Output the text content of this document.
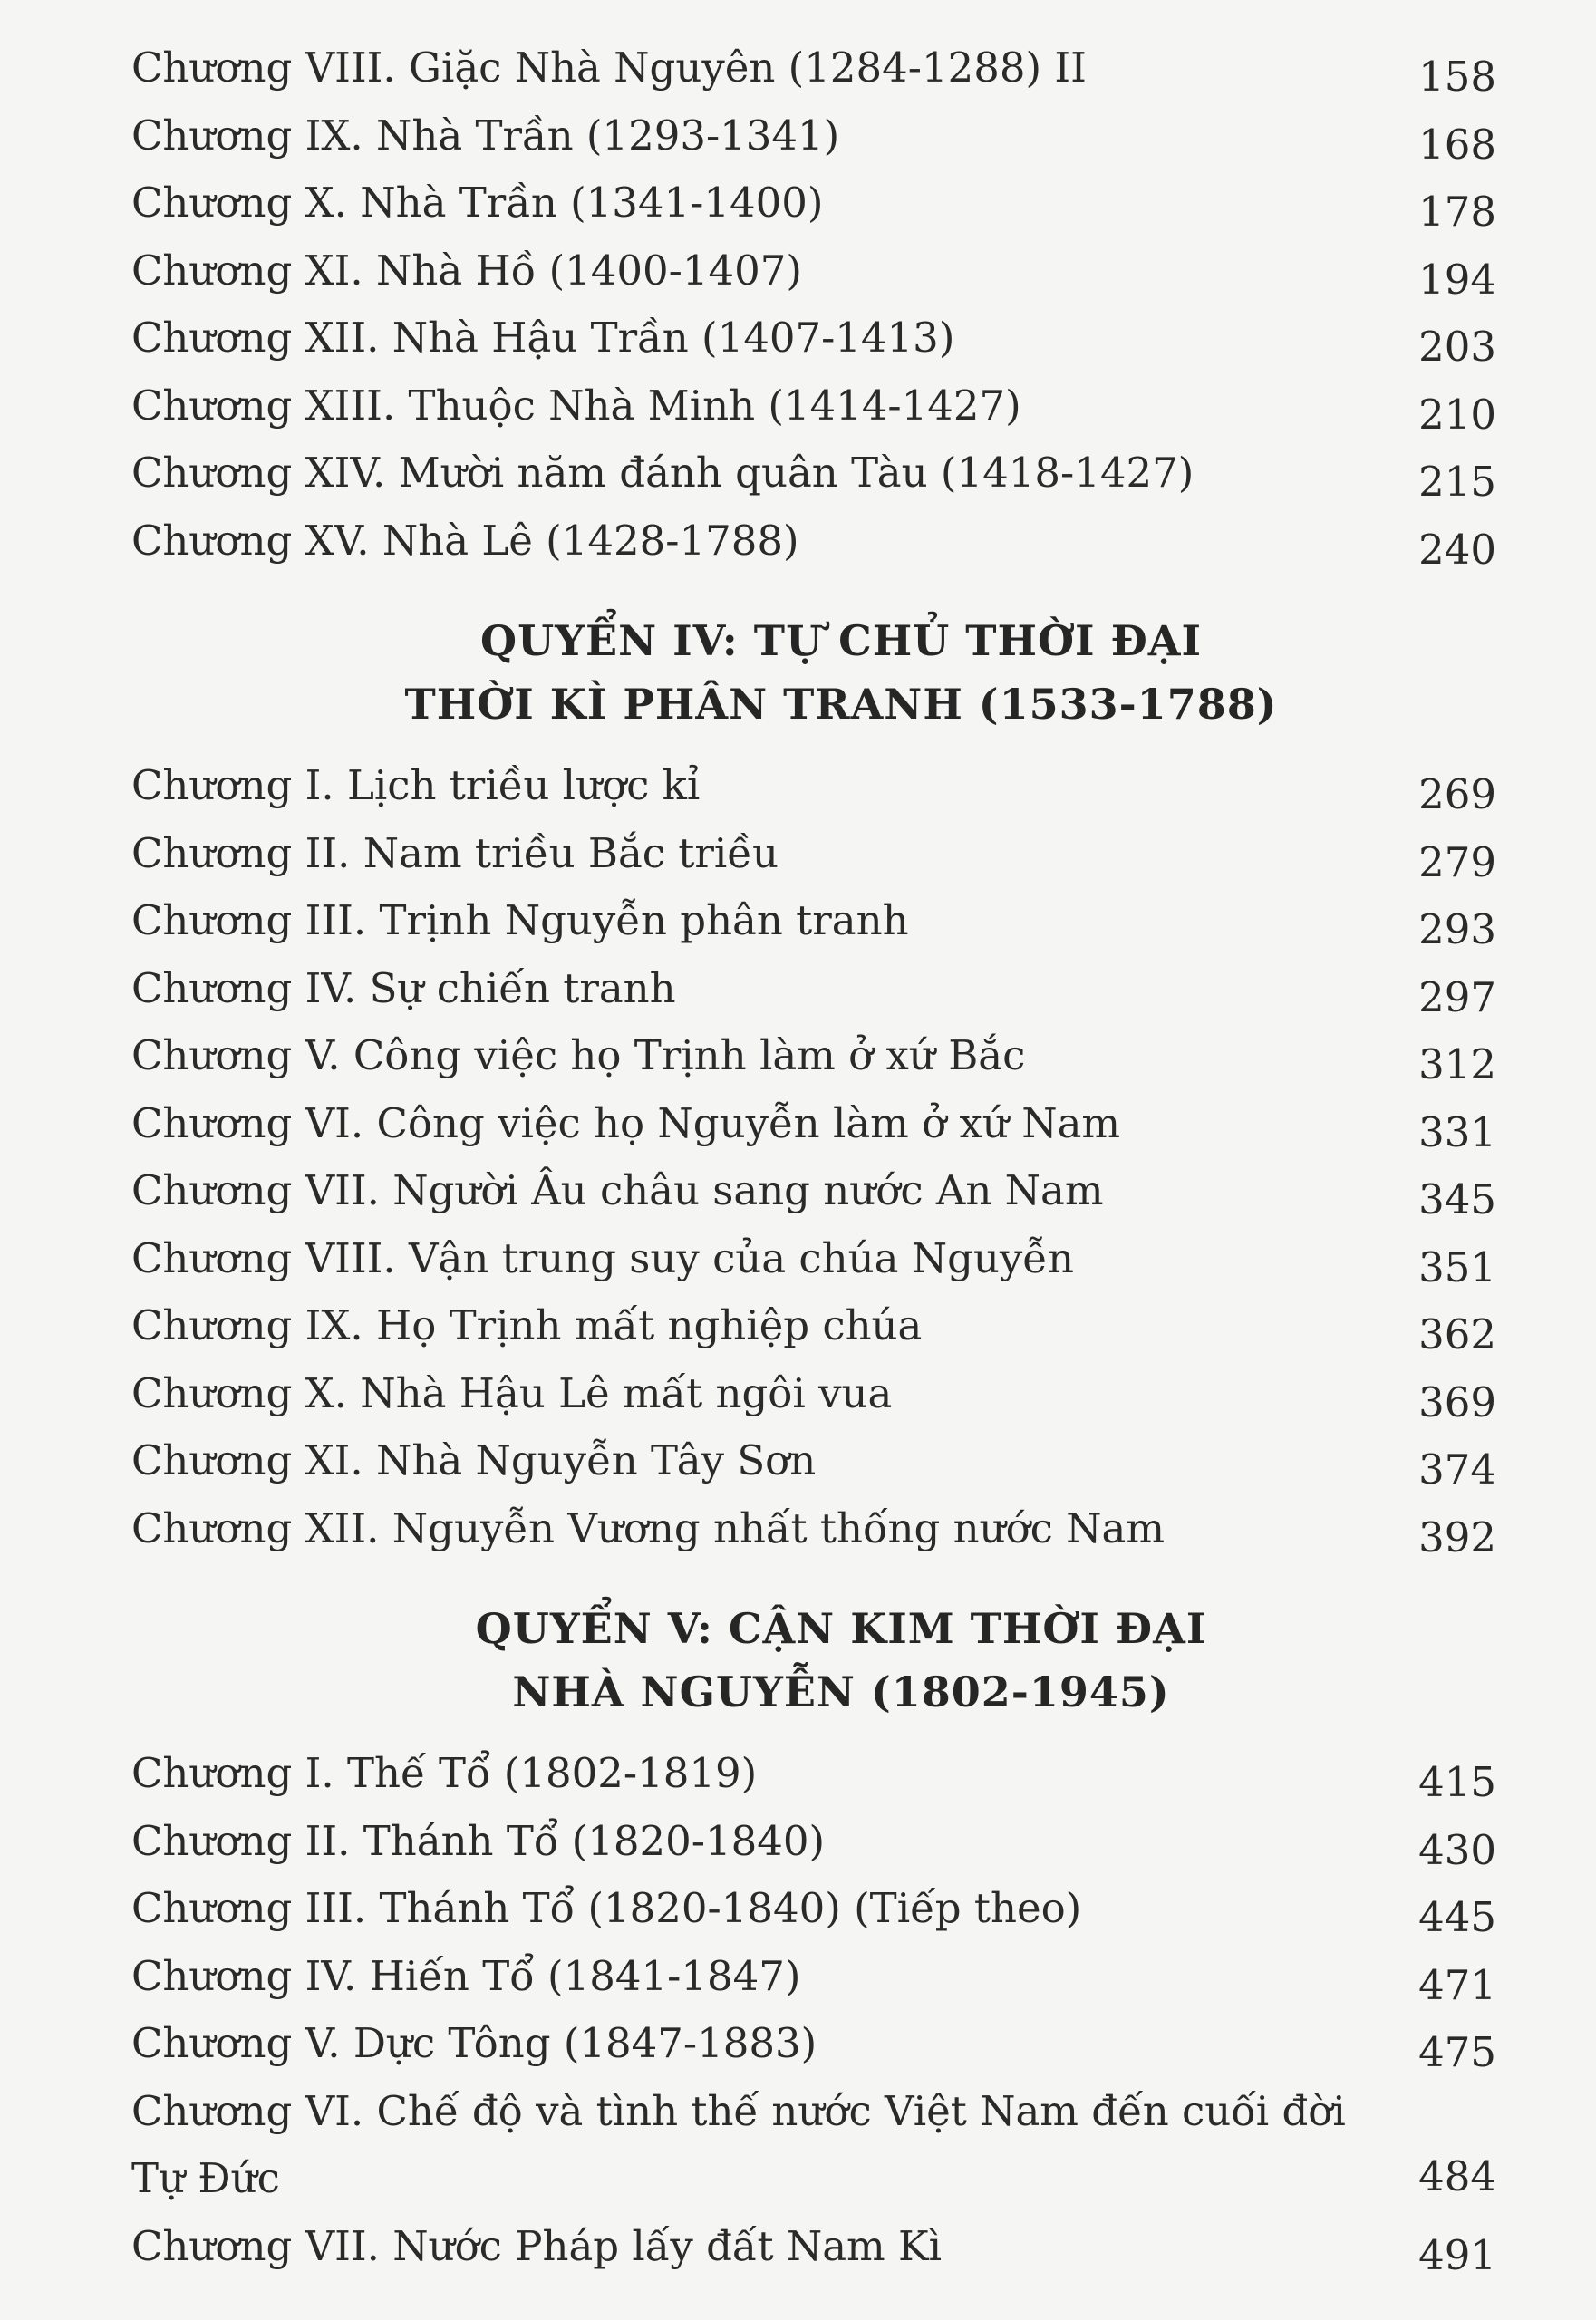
Chương VIII. Giặc Nhà Nguyên (1284-1288) II	158
Chương IX. Nhà Trần (1293-1341)	168
Chương X. Nhà Trần (1341-1400)	178
Chương XI. Nhà Hồ (1400-1407)	194
Chương XII. Nhà Hậu Trần (1407-1413)	203
Chương XIII. Thuộc Nhà Minh (1414-1427)	210
Chương XIV. Mười năm đánh quân Tàu (1418-1427)	215
Chương XV. Nhà Lê (1428-1788)	240
QUYỂN IV: TỰ CHỦ THỜI ĐẠI
THỜI KÌ PHÂN TRANH (1533-1788)
Chương I. Lịch triều lược kỉ	269
Chương II. Nam triều Bắc triều	279
Chương III. Trịnh Nguyễn phân tranh	293
Chương IV. Sự chiến tranh	297
Chương V. Công việc họ Trịnh làm ở xứ Bắc	312
Chương VI. Công việc họ Nguyễn làm ở xứ Nam	331
Chương VII. Người Âu châu sang nước An Nam	345
Chương VIII. Vận trung suy của chúa Nguyễn	351
Chương IX. Họ Trịnh mất nghiệp chúa	362
Chương X. Nhà Hậu Lê mất ngôi vua	369
Chương XI. Nhà Nguyễn Tây Sơn	374
Chương XII. Nguyễn Vương nhất thống nước Nam	392
QUYỂN V: CẬN KIM THỜI ĐẠI
NHÀ NGUYỄN (1802-1945)
Chương I. Thế Tổ (1802-1819)	415
Chương II. Thánh Tổ (1820-1840)	430
Chương III. Thánh Tổ (1820-1840) (Tiếp theo)	445
Chương IV. Hiến Tổ (1841-1847)	471
Chương V. Dực Tông (1847-1883)	475
Chương VI. Chế độ và tình thế nước Việt Nam đến cuối đời Tự Đức	484
Chương VII. Nước Pháp lấy đất Nam Kì	491
